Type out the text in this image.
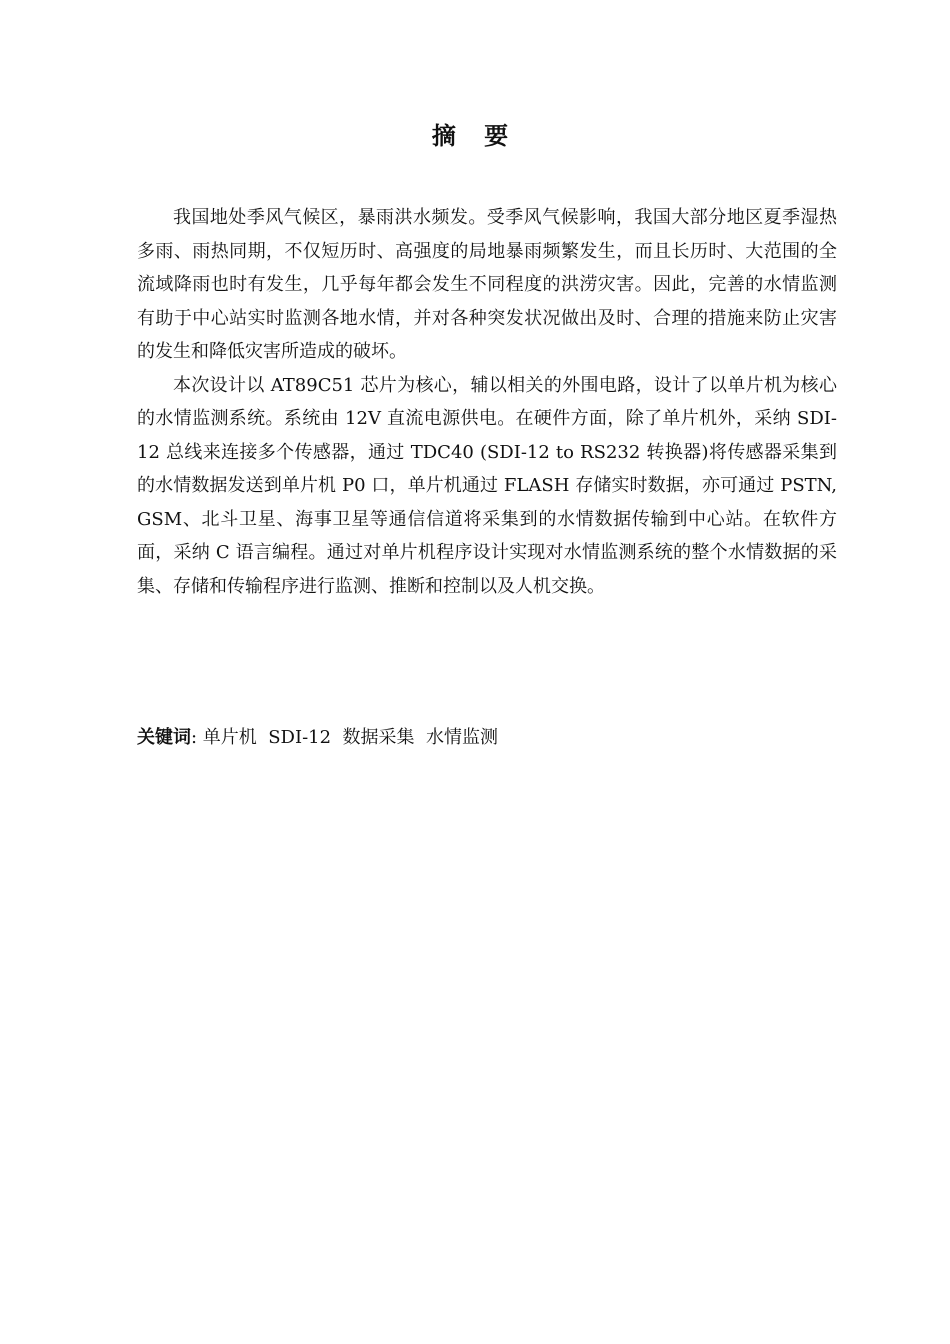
摘 要

我国地处季风气候区，暴雨洪水频发。受季风气候影响，我国大部分地区夏季湿热多雨、雨热同期，不仅短历时、高强度的局地暴雨频繁发生，而且长历时、大范围的全流域降雨也时有发生，几乎每年都会发生不同程度的洪涝灾害。因此，完善的水情监测有助于中心站实时监测各地水情，并对各种突发状况做出及时、合理的措施来防止灾害的发生和降低灾害所造成的破坏。

本次设计以 AT89C51 芯片为核心，辅以相关的外围电路，设计了以单片机为核心的水情监测系统。系统由 12V 直流电源供电。在硬件方面，除了单片机外，采纳 SDI-12 总线来连接多个传感器，通过 TDC40 (SDI-12 to RS232 转换器)将传感器采集到的水情数据发送到单片机 P0 口，单片机通过 FLASH 存储实时数据，亦可通过 PSTN, GSM、北斗卫星、海事卫星等通信信道将采集到的水情数据传输到中心站。在软件方面，采纳 C 语言编程。通过对单片机程序设计实现对水情监测系统的整个水情数据的采集、存储和传输程序进行监测、推断和控制以及人机交换。

关键词: 单片机  SDI-12  数据采集  水情监测
